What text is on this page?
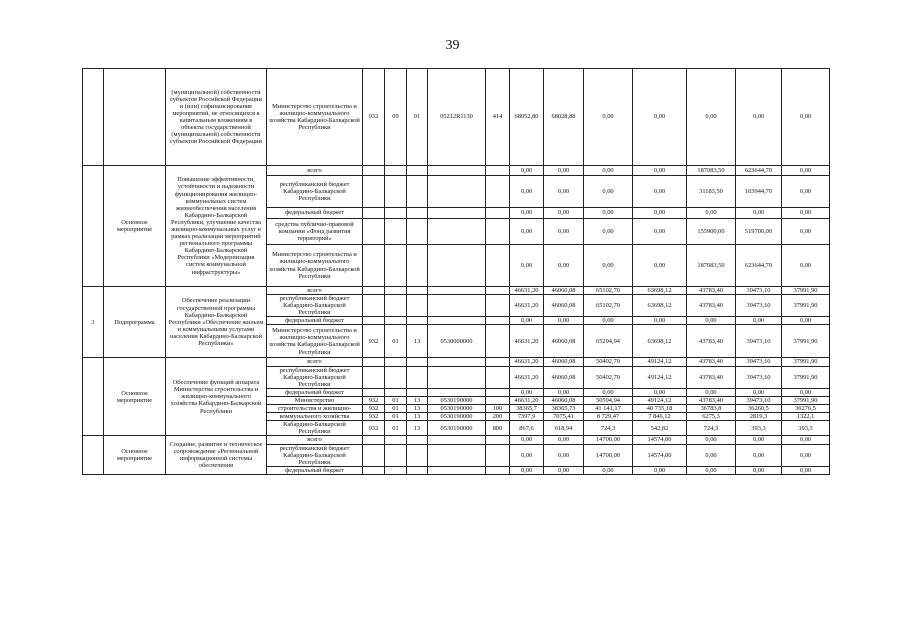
39
		(муниципальной) собственности субъектов Российской Федерации и (или) софинансирование мероприятий, не относящихся к капитальным вложениям в объекты государственной (муниципальной) собственности субъектов Российской Федерации	Министерство строительства и жилищно-коммунального хозяйства Кабардино-Балкарской Республики	932	09	01	05212R1130	414	68052,80	68028,88	0,00	0,00	0,00	0,00	0,00
	Основное мероприятие	Повышение эффективности, устойчивости и надежности функционирования жилищно-коммунальных систем жизнеобеспечения населения Кабардино-Балкарской Республики, улучшение качества жилищно-коммунальных услуг в рамках реализации мероприятий регионального программы Кабардино-Балкарской Республики «Модернизация систем коммунальной инфраструктуры»	всего						0,00	0,00	0,00	0,00	187083,50	623644,70	0,00
			республиканский бюджет Кабардино-Балкарской Республики						0,00	0,00	0,00	0,00	31183,50	103944,70	0,00
			федеральный бюджет						0,00	0,00	0,00	0,00	0,00	0,00	0,00
			средства публично-правовой компании «Фонд развития территорий»						0,00	0,00	0,00	0,00	155900,00	519700,00	0,00
			Министерство строительства и жилищно-коммунального хозяйства Кабардино-Балкарской Республики						0,00	0,00	0,00	0,00	187083,50	623644,70	0,00
3	Подпрограмма	Обеспечение реализации государственной программы Кабардино-Балкарской Республики «Обеспечение жильем и коммунальными услугами населения Кабардино-Балкарской Республики»	всего						46631,20	46060,08	65102,70	63698,12	43783,40	39473,10	37991,90
			республиканский бюджет Кабардино-Балкарской Республики						46631,20	46060,08	65102,70	63698,12	43783,40	39473,10	37991,90
			федеральный бюджет						0,00	0,00	0,00	0,00	0,00	0,00	0,00
			Министерство строительства и жилищно-коммунального хозяйства Кабардино-Балкарской Республики	932	01	13	0530000000		46631,20	46060,08	65294,94	63698,12	43783,40	39473,10	37991,90
	Основное мероприятие	Обеспечение функций аппарата Министерства строительства и жилищно-коммунального хозяйства Кабардино-Балкарской Республики	всего						46631,20	46060,08	50402,70	49124,12	43783,40	39473,10	37991,90
			республиканский бюджет Кабардино-Балкарской Республики						46631,20	46060,08	50402,70	49124,12	43783,40	39473,10	37991,90
			федеральный бюджет						0,00	0,00	0,00	0,00	0,00	0,00	0,00
			Министерство	932	01	13	0530190000		46631,20	46060,08	50594,94	49124,12	43783,40	39473,10	37991,90
			строительства и жилищно-	932	01	13	0530190000	100	38365,7	38365,73	41 141,17	40 735,18	36783,8	36260,5	36276,5
			коммунального хозяйства	932	01	13	0530190000	200	7397,9	7075,41	8 729,47	7 846,12	6275,3	2819,3	1322,1
			Кабардино-Балкарской Республики	932	01	13	0530190000	800	867,6	618,94	724,3	542,82	724,3	393,3	393,3
	Основное мероприятие	Создание, развитие и техническое сопровождение «Региональной информационной системы обеспечения	всего						0,00	0,00	14700,00	14574,00	0,00	0,00	0,00
			республиканский бюджет Кабардино-Балкарской Республики						0,00	0,00	14700,00	14574,00	0,00	0,00	0,00
			федеральный бюджет						0,00	0,00	0,00	0,00	0,00	0,00	0,00
